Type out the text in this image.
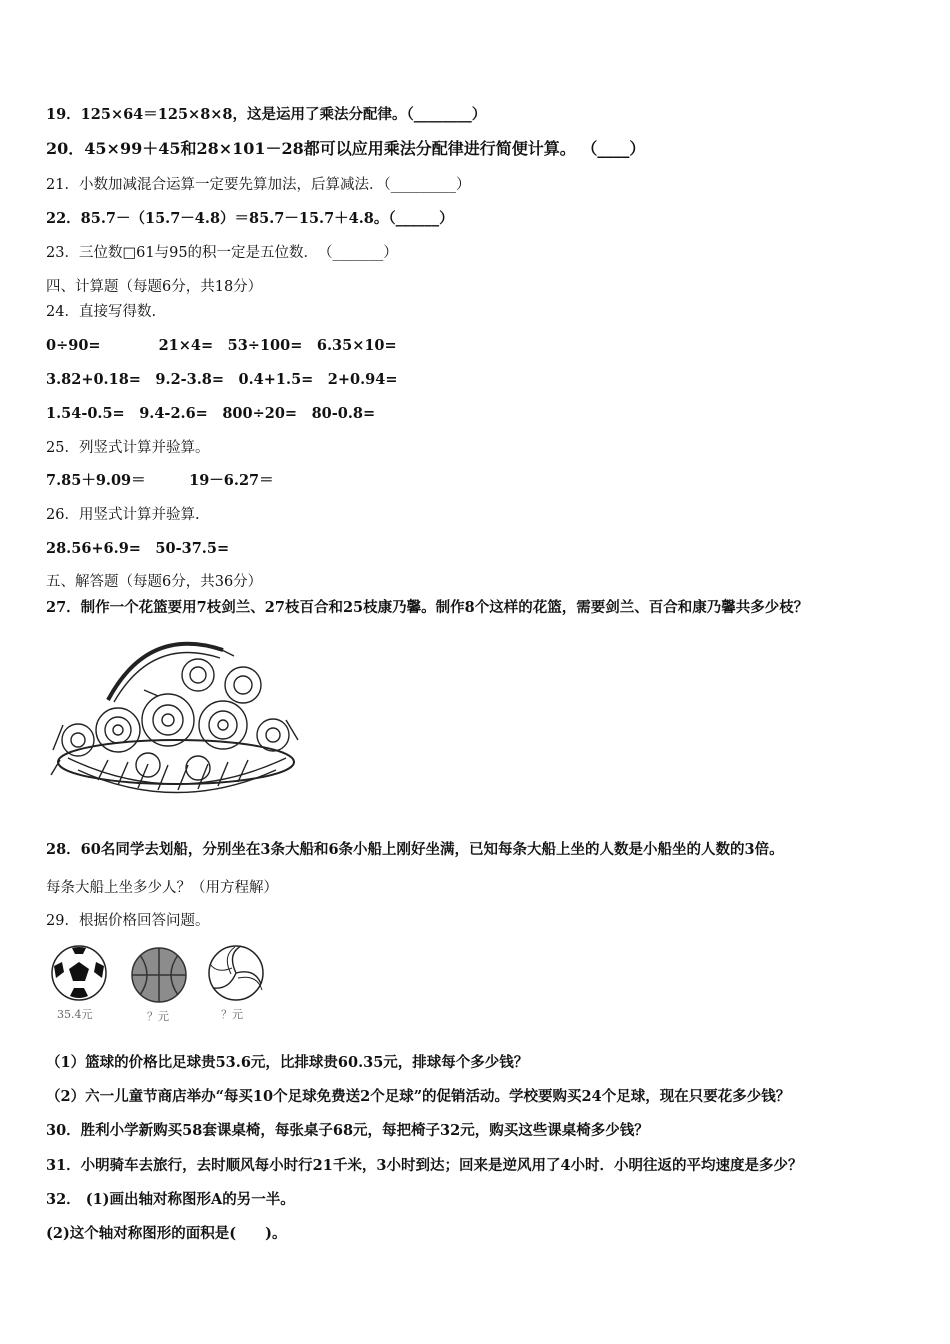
19．125×64＝125×8×8，这是运用了乘法分配律。（________）
20．45×99＋45和28×101－28都可以应用乘法分配律进行简便计算。 （____）
21．小数加减混合运算一定要先算加法，后算减法．（_________）
22．85.7－（15.7－4.8）＝85.7－15.7＋4.8。（______）
23．三位数□61与95的积一定是五位数．　（_______）
四、计算题（每题6分，共18分）
24．直接写得数.
0÷90=　　　　21×4=　53÷100=　6.35×10=
3.82+0.18=　9.2-3.8=　0.4+1.5=　2+0.94=
1.54-0.5=　9.4-2.6=　800÷20=　80-0.8=
25．列竖式计算并验算。
7.85＋9.09＝　　　19－6.27＝
26．用竖式计算并验算.
28.56+6.9=　50-37.5=
五、解答题（每题6分，共36分）
27．制作一个花篮要用7枝剑兰、27枝百合和25枝康乃馨。制作8个这样的花篮，需要剑兰、百合和康乃馨共多少枝？
28．60名同学去划船，分别坐在3条大船和6条小船上刚好坐满，已知每条大船上坐的人数是小船坐的人数的3倍。
每条大船上坐多少人？（用方程解）
29．根据价格回答问题。
35.4元	？元	？元
（1）篮球的价格比足球贵53.6元，比排球贵60.35元，排球每个多少钱？
（2）六一儿童节商店举办“每买10个足球免费送2个足球”的促销活动。学校要购买24个足球，现在只要花多少钱？
30．胜利小学新购买58套课桌椅，每张桌子68元，每把椅子32元，购买这些课桌椅多少钱？
31．小明骑车去旅行，去时顺风每小时行21千米，3小时到达；回来是逆风用了4小时．小明往返的平均速度是多少？
32． (1)画出轴对称图形A的另一半。
(2)这个轴对称图形的面积是(　　)。
